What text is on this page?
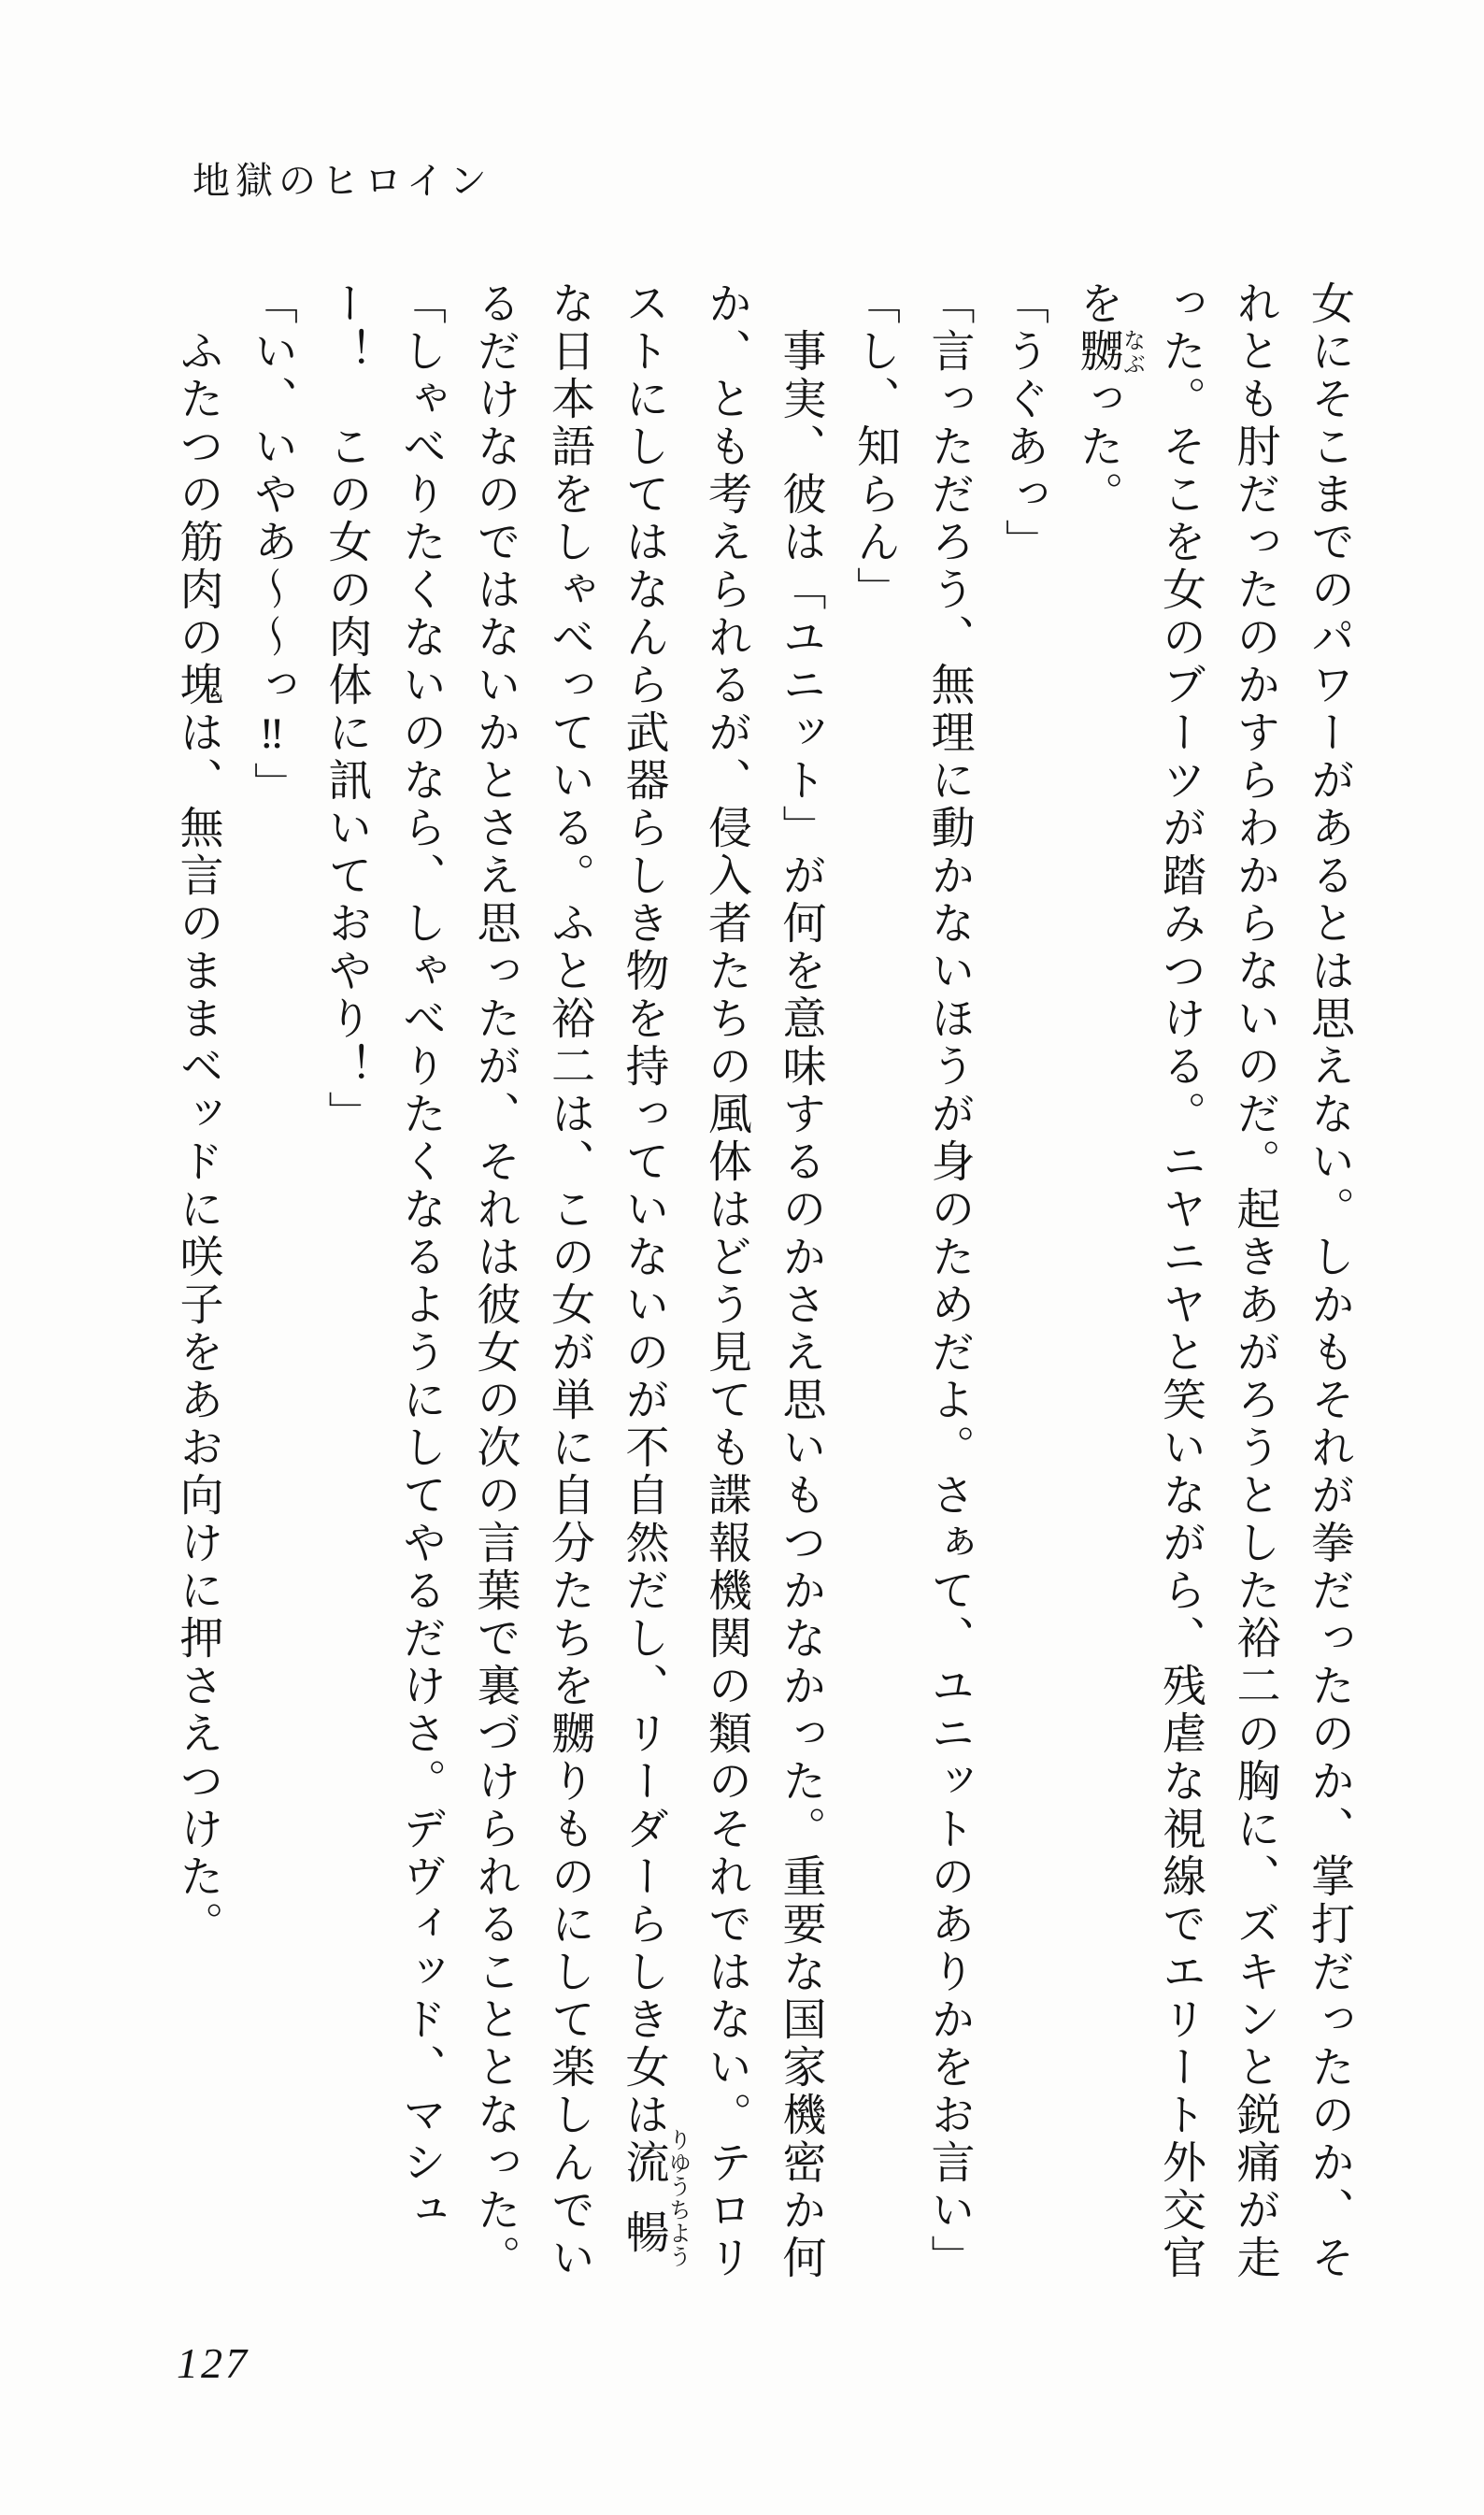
地獄のヒロイン
女にそこまでのパワーがあるとは思えない。しかもそれが拳だったのか、掌打だったのか、そ
れとも肘だったのかすらわからないのだ。起きあがろうとした裕二の胸に、ズキンと鋭痛が走
った。そこを女のブーツが踏みつける。ニヤニヤと笑いながら、残虐な視線でエリート外交官
を嬲なぶった。
「うぐあっ」
「言っただろう、無理に動かないほうが身のためだよ。さぁて、ユニットのありかをお言い」
「し、知らん」
事実、彼は「ユニット」が何を意味するのかさえ思いもつかなかった。重要な国家機密か何
か、とも考えられるが、侵入者たちの風体はどう見ても諜報機関の類のそれではない。テロリ
ストにしてはなんら武器らしき物を持っていないのが不自然だし、リーダーらしき女は流暢りゆうちよう
な日本語をしゃべっている。ふと裕二は、この女が単に自分たちを嬲りものにして楽しんでい
るだけなのではないかとさえ思ったが、それは彼女の次の言葉で裏づけられることとなった。
「しゃべりたくないのなら、しゃべりたくなるようにしてやるだけさ。デヴィッド、マシュ
ー！　この女の肉体に訊いておやり！」
「い、いやあ〜〜っ‼」
ふたつの筋肉の塊は、無言のままベッドに咲子をあお向けに押さえつけた。
127
